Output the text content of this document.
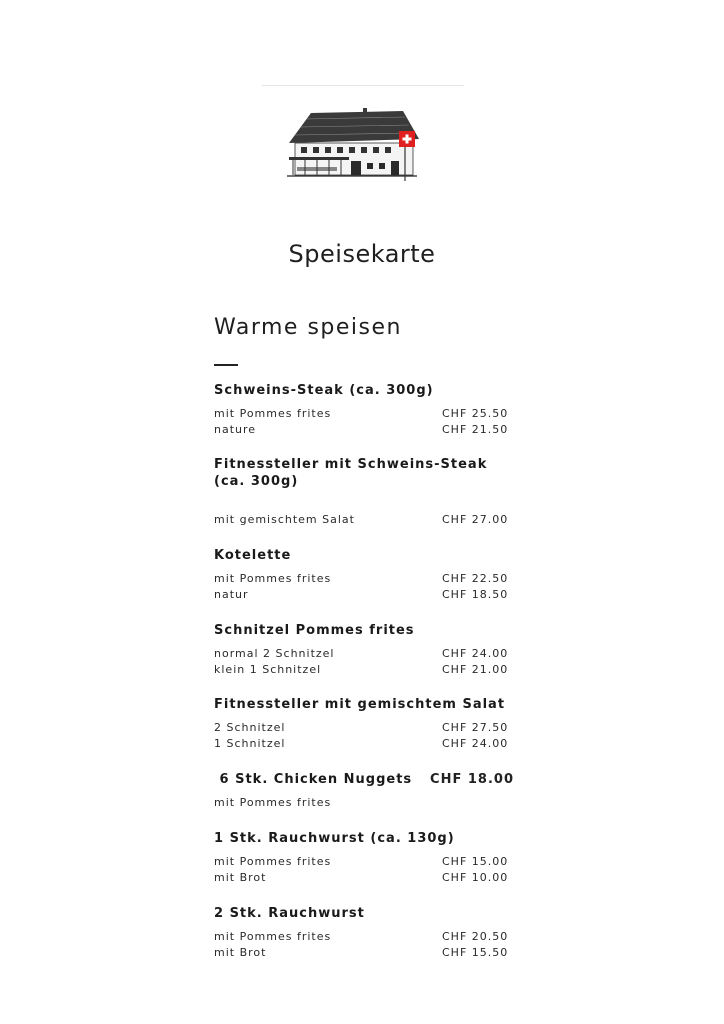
Speisekarte
Warme speisen
Schweins-Steak (ca. 300g)
mit Pommes frites	CHF 25.50
nature	CHF 21.50
Fitnessteller mit Schweins-Steak (ca. 300g)
mit gemischtem Salat	CHF 27.00
Kotelette
mit Pommes frites	CHF 22.50
natur	CHF 18.50
Schnitzel Pommes frites
normal 2 Schnitzel	CHF 24.00
klein 1 Schnitzel	CHF 21.00
Fitnessteller mit gemischtem Salat
2 Schnitzel	CHF 27.50
1 Schnitzel	CHF 24.00
6 Stk. Chicken Nuggets CHF 18.00
mit Pommes frites
1 Stk. Rauchwurst (ca. 130g)
mit Pommes frites	CHF 15.00
mit Brot	CHF 10.00
2 Stk. Rauchwurst
mit Pommes frites	CHF 20.50
mit Brot	CHF 15.50
